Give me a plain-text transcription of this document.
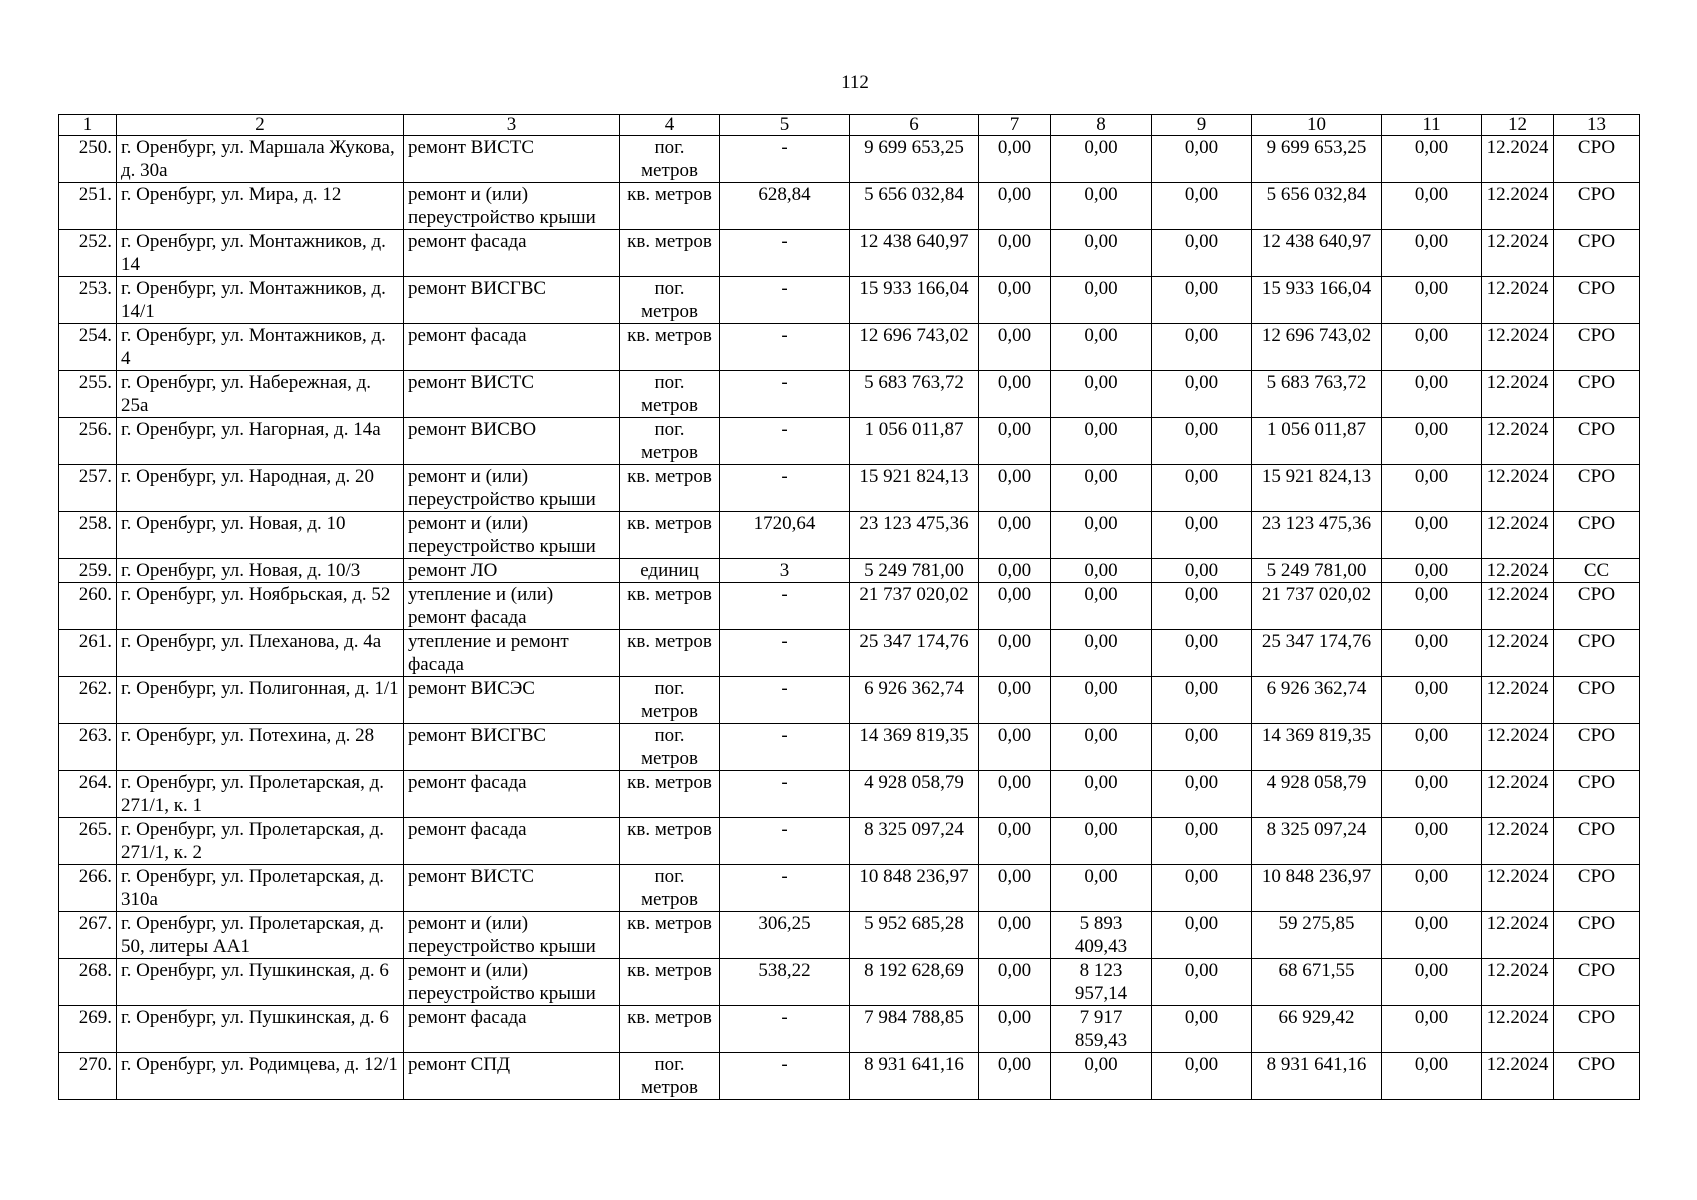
112
1	2	3	4	5	6	7	8	9	10	11	12	13
250.	г. Оренбург, ул. Маршала Жукова, д. 30а	ремонт ВИСТС	пог. метров	-	9 699 653,25	0,00	0,00	0,00	9 699 653,25	0,00	12.2024	СРО
251.	г. Оренбург, ул. Мира, д. 12	ремонт и (или) переустройство крыши	кв. метров	628,84	5 656 032,84	0,00	0,00	0,00	5 656 032,84	0,00	12.2024	СРО
252.	г. Оренбург, ул. Монтажников, д. 14	ремонт фасада	кв. метров	-	12 438 640,97	0,00	0,00	0,00	12 438 640,97	0,00	12.2024	СРО
253.	г. Оренбург, ул. Монтажников, д. 14/1	ремонт ВИСГВС	пог. метров	-	15 933 166,04	0,00	0,00	0,00	15 933 166,04	0,00	12.2024	СРО
254.	г. Оренбург, ул. Монтажников, д. 4	ремонт фасада	кв. метров	-	12 696 743,02	0,00	0,00	0,00	12 696 743,02	0,00	12.2024	СРО
255.	г. Оренбург, ул. Набережная, д. 25а	ремонт ВИСТС	пог. метров	-	5 683 763,72	0,00	0,00	0,00	5 683 763,72	0,00	12.2024	СРО
256.	г. Оренбург, ул. Нагорная, д. 14а	ремонт ВИСВО	пог. метров	-	1 056 011,87	0,00	0,00	0,00	1 056 011,87	0,00	12.2024	СРО
257.	г. Оренбург, ул. Народная, д. 20	ремонт и (или) переустройство крыши	кв. метров	-	15 921 824,13	0,00	0,00	0,00	15 921 824,13	0,00	12.2024	СРО
258.	г. Оренбург, ул. Новая, д. 10	ремонт и (или) переустройство крыши	кв. метров	1720,64	23 123 475,36	0,00	0,00	0,00	23 123 475,36	0,00	12.2024	СРО
259.	г. Оренбург, ул. Новая, д. 10/3	ремонт ЛО	единиц	3	5 249 781,00	0,00	0,00	0,00	5 249 781,00	0,00	12.2024	СС
260.	г. Оренбург, ул. Ноябрьская, д. 52	утепление и (или) ремонт фасада	кв. метров	-	21 737 020,02	0,00	0,00	0,00	21 737 020,02	0,00	12.2024	СРО
261.	г. Оренбург, ул. Плеханова, д. 4а	утепление и ремонт фасада	кв. метров	-	25 347 174,76	0,00	0,00	0,00	25 347 174,76	0,00	12.2024	СРО
262.	г. Оренбург, ул. Полигонная, д. 1/1	ремонт ВИСЭС	пог. метров	-	6 926 362,74	0,00	0,00	0,00	6 926 362,74	0,00	12.2024	СРО
263.	г. Оренбург, ул. Потехина, д. 28	ремонт ВИСГВС	пог. метров	-	14 369 819,35	0,00	0,00	0,00	14 369 819,35	0,00	12.2024	СРО
264.	г. Оренбург, ул. Пролетарская, д. 271/1, к. 1	ремонт фасада	кв. метров	-	4 928 058,79	0,00	0,00	0,00	4 928 058,79	0,00	12.2024	СРО
265.	г. Оренбург, ул. Пролетарская, д. 271/1, к. 2	ремонт фасада	кв. метров	-	8 325 097,24	0,00	0,00	0,00	8 325 097,24	0,00	12.2024	СРО
266.	г. Оренбург, ул. Пролетарская, д. 310а	ремонт ВИСТС	пог. метров	-	10 848 236,97	0,00	0,00	0,00	10 848 236,97	0,00	12.2024	СРО
267.	г. Оренбург, ул. Пролетарская, д. 50, литеры АА1	ремонт и (или) переустройство крыши	кв. метров	306,25	5 952 685,28	0,00	5 893 409,43	0,00	59 275,85	0,00	12.2024	СРО
268.	г. Оренбург, ул. Пушкинская, д. 6	ремонт и (или) переустройство крыши	кв. метров	538,22	8 192 628,69	0,00	8 123 957,14	0,00	68 671,55	0,00	12.2024	СРО
269.	г. Оренбург, ул. Пушкинская, д. 6	ремонт фасада	кв. метров	-	7 984 788,85	0,00	7 917 859,43	0,00	66 929,42	0,00	12.2024	СРО
270.	г. Оренбург, ул. Родимцева, д. 12/1	ремонт СПД	пог. метров	-	8 931 641,16	0,00	0,00	0,00	8 931 641,16	0,00	12.2024	СРО
